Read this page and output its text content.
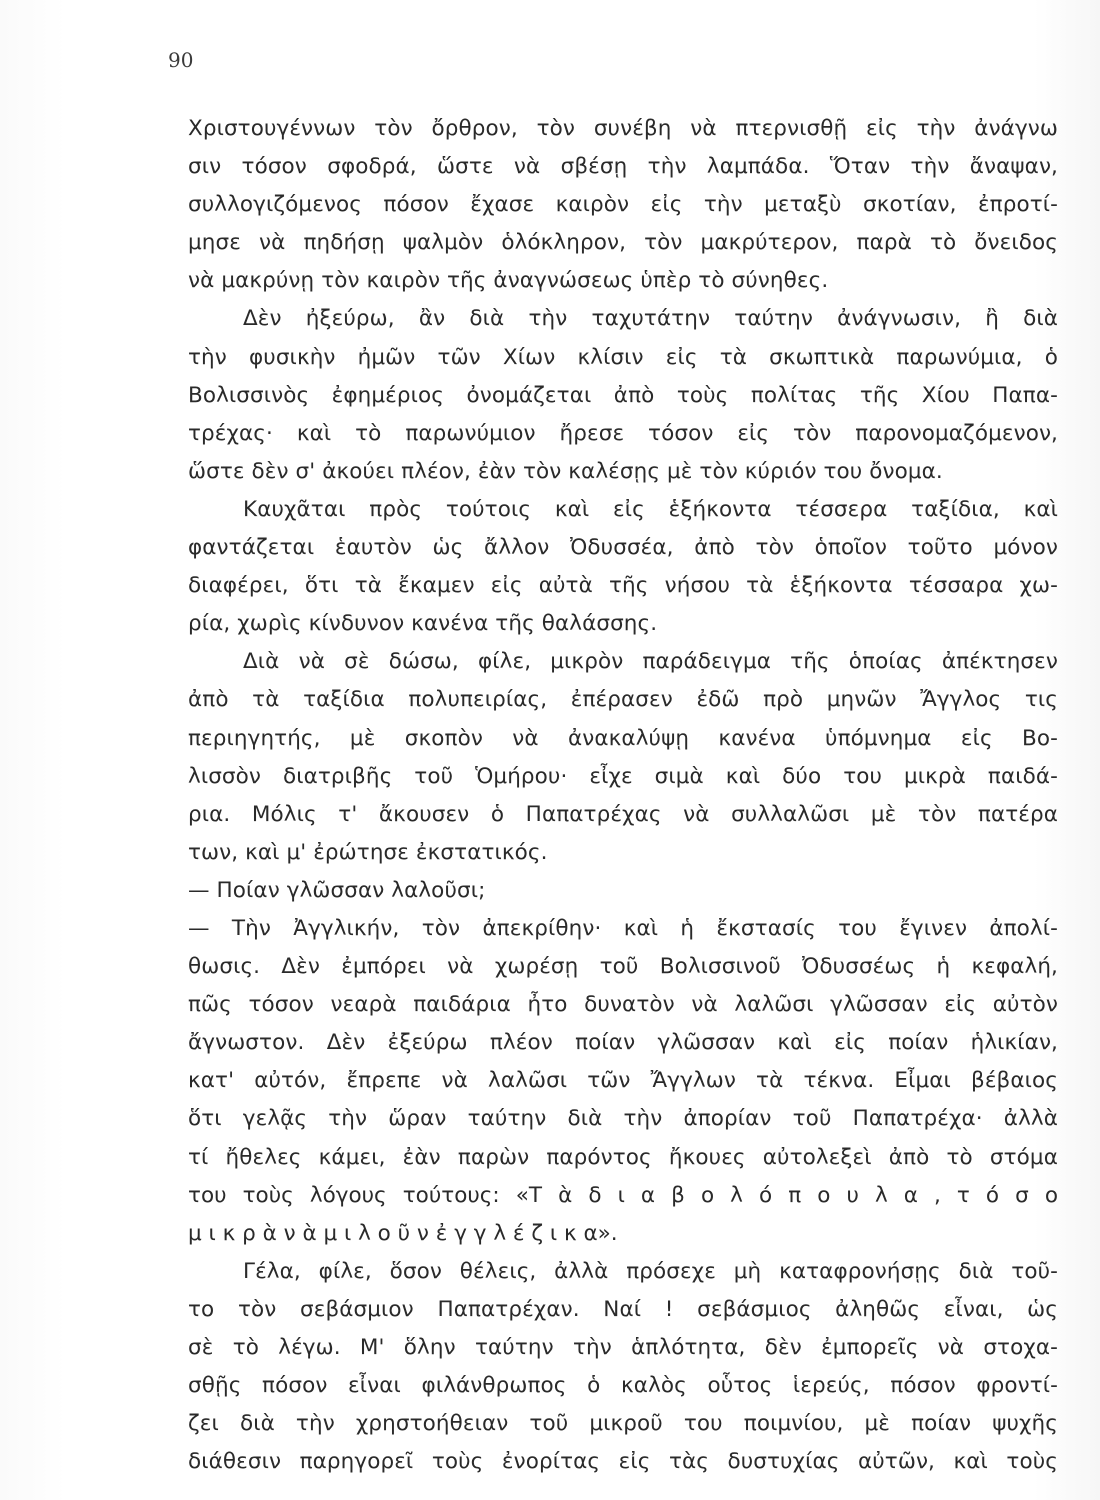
90
Χριστουγέννων τὸν ὄρθρον, τὸν συνέβη νὰ πτερνισθῇ εἰς τὴν ἀνάγνω
σιν τόσον σφοδρά, ὥστε νὰ σβέσῃ τὴν λαμπάδα. Ὅταν τὴν ἄναψαν,
συλλογιζόμενος πόσον ἔχασε καιρὸν εἰς τὴν μεταξὺ σκοτίαν, ἐπροτί-
μησε νὰ πηδήσῃ ψαλμὸν ὁλόκληρον, τὸν μακρύτερον, παρὰ τὸ ὄνειδος
νὰ μακρύνῃ τὸν καιρὸν τῆς ἀναγνώσεως ὑπὲρ τὸ σύνηθες.
Δὲν ἠξεύρω, ἂν διὰ τὴν ταχυτάτην ταύτην ἀνάγνωσιν, ἢ διὰ
τὴν φυσικὴν ἠμῶν τῶν Χίων κλίσιν εἰς τὰ σκωπτικὰ παρωνύμια, ὁ
Βολισσινὸς ἐφημέριος ὀνομάζεται ἀπὸ τοὺς πολίτας τῆς Χίου Παπα-
τρέχας· καὶ τὸ παρωνύμιον ἤρεσε τόσον εἰς τὸν παρονομαζόμενον,
ὥστε δὲν σ' ἀκούει πλέον, ἐὰν τὸν καλέσῃς μὲ τὸν κύριόν του ὄνομα.
Καυχᾶται πρὸς τούτοις καὶ εἰς ἑξήκοντα τέσσερα ταξίδια, καὶ
φαντάζεται ἑαυτὸν ὡς ἄλλον Ὀδυσσέα, ἀπὸ τὸν ὁποῖον τοῦτο μόνον
διαφέρει, ὅτι τὰ ἔκαμεν εἰς αὐτὰ τῆς νήσου τὰ ἑξήκοντα τέσσαρα χω-
ρία, χωρὶς κίνδυνον κανένα τῆς θαλάσσης.
Διὰ νὰ σὲ δώσω, φίλε, μικρὸν παράδειγμα τῆς ὁποίας ἀπέκτησεν
ἀπὸ τὰ ταξίδια πολυπειρίας, ἐπέρασεν ἐδῶ πρὸ μηνῶν Ἄγγλος τις
περιηγητής, μὲ σκοπὸν νὰ ἀνακαλύψῃ κανένα ὑπόμνημα εἰς Βο-
λισσὸν διατριβῆς τοῦ Ὁμήρου· εἶχε σιμὰ καὶ δύο του μικρὰ παιδά-
ρια. Μόλις τ' ἄκουσεν ὁ Παπατρέχας νὰ συλλαλῶσι μὲ τὸν πατέρα
των, καὶ μ' ἐρώτησε ἐκστατικός.
— Ποίαν γλῶσσαν λαλοῦσι;
— Τὴν Ἀγγλικήν, τὸν ἀπεκρίθην· καὶ ἡ ἔκστασίς του ἔγινεν ἀπολί-
θωσις. Δὲν ἐμπόρει νὰ χωρέσῃ τοῦ Βολισσινοῦ Ὀδυσσέως ἡ κεφαλή,
πῶς τόσον νεαρὰ παιδάρια ἦτο δυνατὸν νὰ λαλῶσι γλῶσσαν εἰς αὐτὸν
ἄγνωστον. Δὲν ἐξεύρω πλέον ποίαν γλῶσσαν καὶ εἰς ποίαν ἡλικίαν,
κατ' αὐτόν, ἔπρεπε νὰ λαλῶσι τῶν Ἄγγλων τὰ τέκνα. Εἶμαι βέβαιος
ὅτι γελᾷς τὴν ὥραν ταύτην διὰ τὴν ἀπορίαν τοῦ Παπατρέχα· ἀλλὰ
τί ἤθελες κάμει, ἐὰν παρὼν παρόντος ἤκουες αὐτολεξεὶ ἀπὸ τὸ στόμα
του τοὺς λόγους τούτους: «Τ ὰ δ ι α β ο λ ό π ο υ λ α , τ ό σ ο
μ ι κ ρ ὰ ν ὰ μ ι λ ο ῦ ν ἐ γ γ λ έ ζ ι κ α».
Γέλα, φίλε, ὅσον θέλεις, ἀλλὰ πρόσεχε μὴ καταφρονήσῃς διὰ τοῦ-
το τὸν σεβάσμιον Παπατρέχαν. Ναί ! σεβάσμιος ἀληθῶς εἶναι, ὡς
σὲ τὸ λέγω. Μ' ὅλην ταύτην τὴν ἁπλότητα, δὲν ἐμπορεῖς νὰ στοχα-
σθῇς πόσον εἶναι φιλάνθρωπος ὁ καλὸς οὗτος ἱερεύς, πόσον φροντί-
ζει διὰ τὴν χρηστοήθειαν τοῦ μικροῦ του ποιμνίου, μὲ ποίαν ψυχῆς
διάθεσιν παρηγορεῖ τοὺς ἐνορίτας εἰς τὰς δυστυχίας αὐτῶν, καὶ τοὺς
